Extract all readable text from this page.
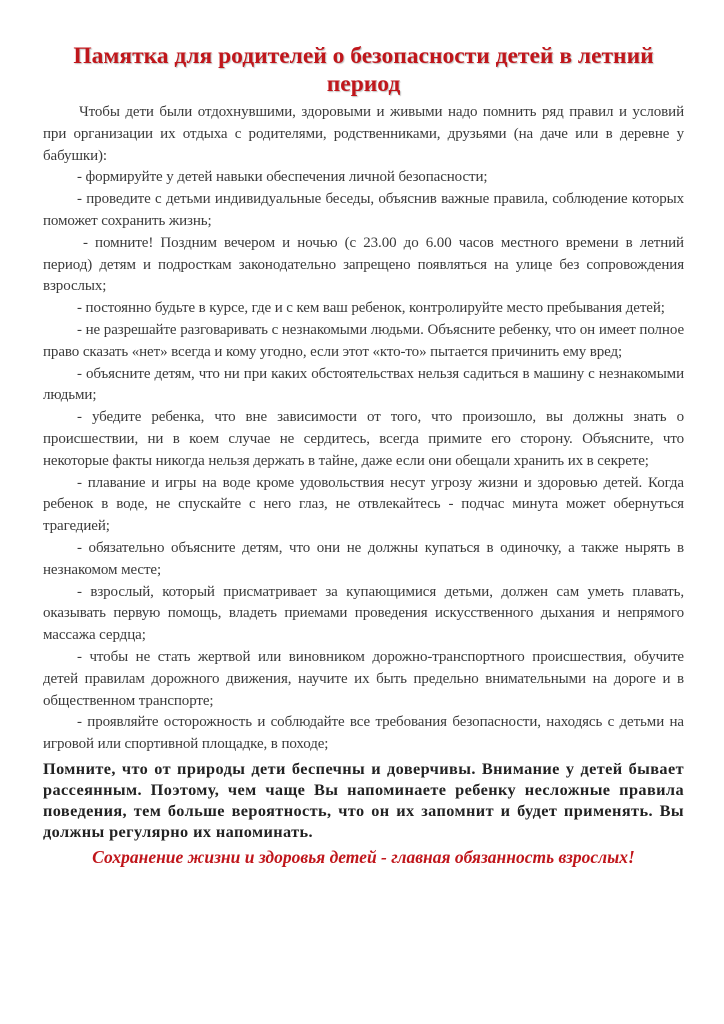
Памятка для родителей о безопасности детей в летний период

Чтобы дети были отдохнувшими, здоровыми и живыми надо помнить ряд правил и условий при организации их отдыха с родителями, родственниками, друзьями (на даче или в деревне у бабушки):

- формируйте у детей навыки обеспечения личной безопасности;

- проведите с детьми индивидуальные беседы, объяснив важные правила, соблюдение которых поможет сохранить жизнь;

- помните! Поздним вечером и ночью (с 23.00 до 6.00 часов местного времени в летний период) детям и подросткам законодательно запрещено появляться на улице без сопровождения взрослых;

- постоянно будьте в курсе, где и с кем ваш ребенок, контролируйте место пребывания детей;

- не разрешайте разговаривать с незнакомыми людьми. Объясните ребенку, что он имеет полное право сказать «нет» всегда и кому угодно, если этот «кто-то» пытается причинить ему вред;

- объясните детям, что ни при каких обстоятельствах нельзя садиться в машину с незнакомыми людьми;

- убедите ребенка, что вне зависимости от того, что произошло, вы должны знать о происшествии, ни в коем случае не сердитесь, всегда примите его сторону. Объясните, что некоторые факты никогда нельзя держать в тайне, даже если они обещали хранить их в секрете;

- плавание и игры на воде кроме удовольствия несут угрозу жизни и здоровью детей. Когда ребенок в воде, не спускайте с него глаз, не отвлекайтесь - подчас минута может обернуться трагедией;

- обязательно объясните детям, что они не должны купаться в одиночку, а также нырять в незнакомом месте;

- взрослый, который присматривает за купающимися детьми, должен сам уметь плавать, оказывать первую помощь, владеть приемами проведения искусственного дыхания и непрямого массажа сердца;

- чтобы не стать жертвой или виновником дорожно-транспортного происшествия, обучите детей правилам дорожного движения, научите их быть предельно внимательными на дороге и в общественном транспорте;

- проявляйте осторожность и соблюдайте все требования безопасности, находясь с детьми на игровой или спортивной площадке, в походе;

Помните, что от природы дети беспечны и доверчивы. Внимание у детей бывает рассеянным. Поэтому, чем чаще Вы напоминаете ребенку несложные правила поведения, тем больше вероятность, что он их запомнит и будет применять. Вы должны регулярно их напоминать.

Сохранение жизни и здоровья детей - главная обязанность взрослых!
